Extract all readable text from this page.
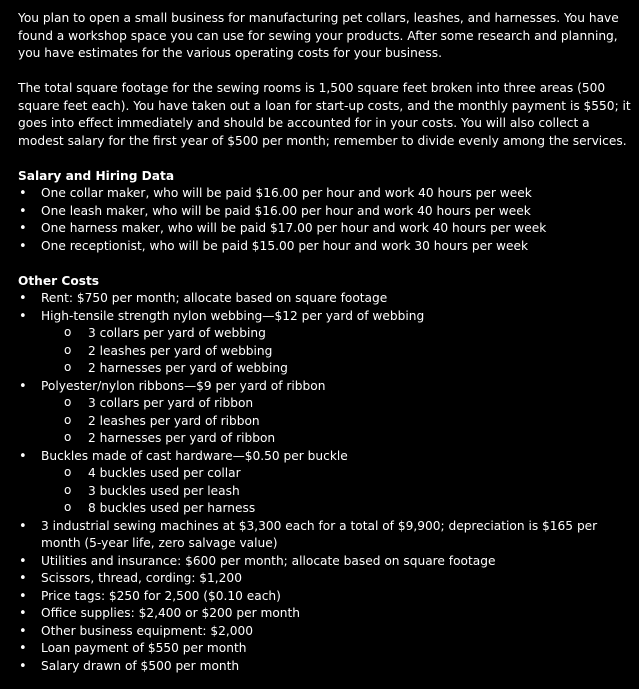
You plan to open a small business for manufacturing pet collars, leashes, and harnesses. You have found a workshop space you can use for sewing your products. After some research and planning, you have estimates for the various operating costs for your business.

The total square footage for the sewing rooms is 1,500 square feet broken into three areas (500 square feet each). You have taken out a loan for start-up costs, and the monthly payment is $550; it goes into effect immediately and should be accounted for in your costs. You will also collect a modest salary for the first year of $500 per month; remember to divide evenly among the services.

Salary and Hiring Data

• One collar maker, who will be paid $16.00 per hour and work 40 hours per week
• One leash maker, who will be paid $16.00 per hour and work 40 hours per week
• One harness maker, who will be paid $17.00 per hour and work 40 hours per week
• One receptionist, who will be paid $15.00 per hour and work 30 hours per week

Other Costs

• Rent: $750 per month; allocate based on square footage
• High-tensile strength nylon webbing—$12 per yard of webbing
o 3 collars per yard of webbing
o 2 leashes per yard of webbing
o 2 harnesses per yard of webbing
• Polyester/nylon ribbons—$9 per yard of ribbon
o 3 collars per yard of ribbon
o 2 leashes per yard of ribbon
o 2 harnesses per yard of ribbon
• Buckles made of cast hardware—$0.50 per buckle
o 4 buckles used per collar
o 3 buckles used per leash
o 8 buckles used per harness
• 3 industrial sewing machines at $3,300 each for a total of $9,900; depreciation is $165 per month (5-year life, zero salvage value)
• Utilities and insurance: $600 per month; allocate based on square footage
• Scissors, thread, cording: $1,200
• Price tags: $250 for 2,500 ($0.10 each)
• Office supplies: $2,400 or $200 per month
• Other business equipment: $2,000
• Loan payment of $550 per month
• Salary drawn of $500 per month
